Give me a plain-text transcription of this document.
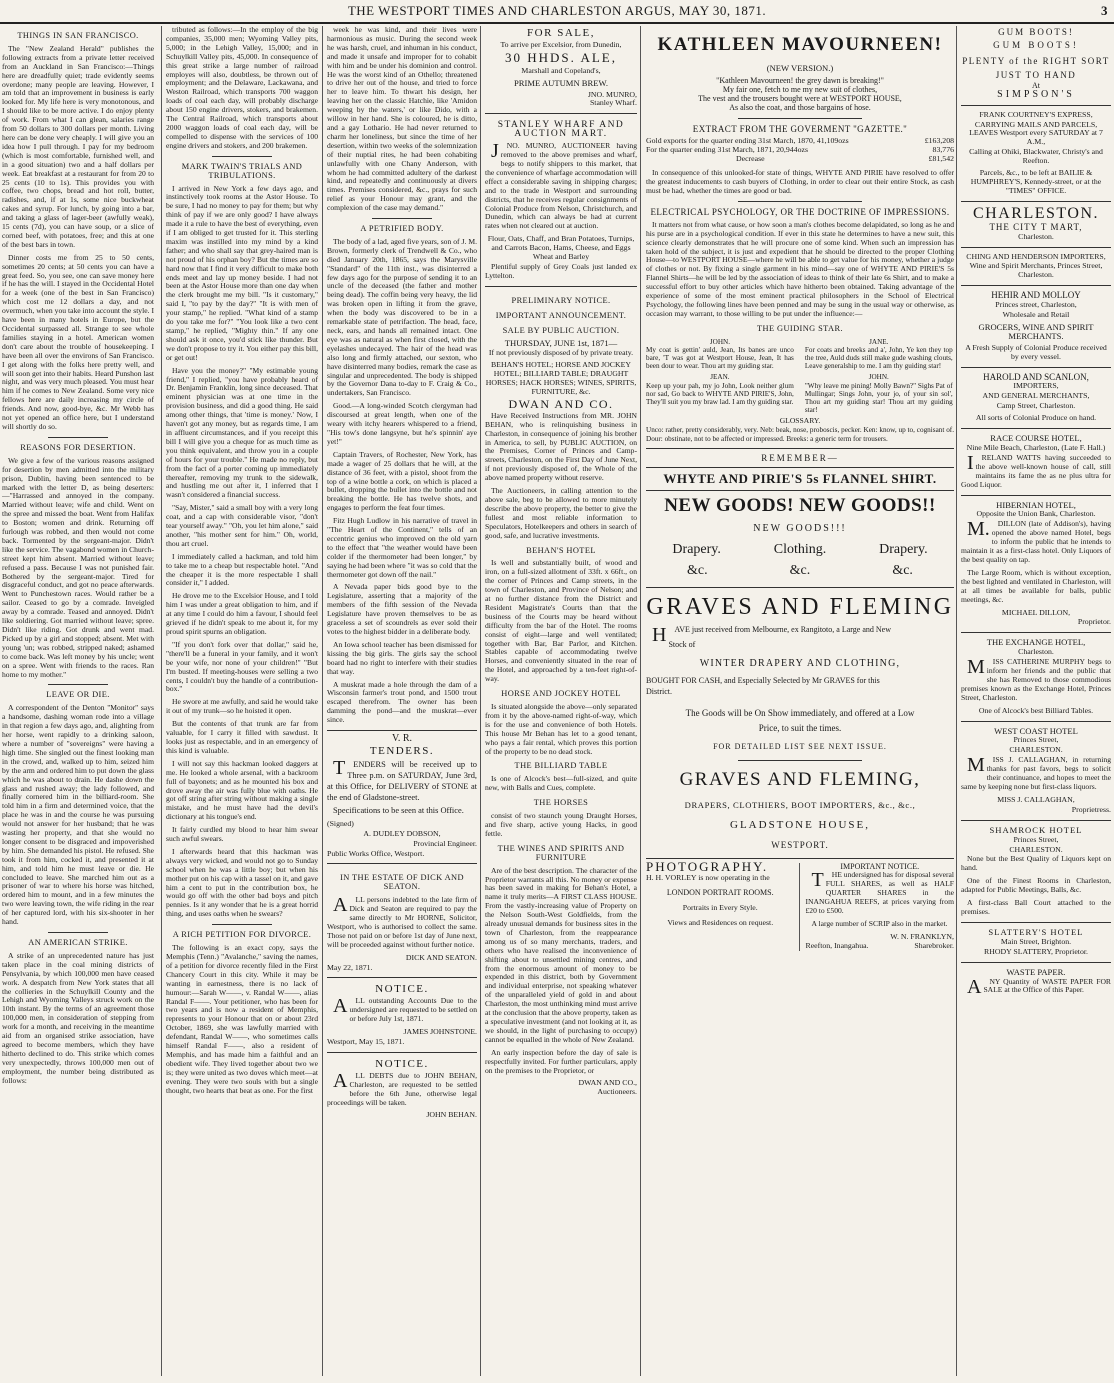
THE WESTPORT TIMES AND CHARLESTON ARGUS, MAY 30, 1871.	3
THINGS IN SAN FRANCISCO.

The "New Zealand Herald" publishes the following extracts from a private letter received from an Auckland in San Francisco:—Things here are dreadfully quiet; trade evidently seems overdone; many people are leaving. However, I am told that an improvement in business is early looked for. My life here is very monotonous, and I should like to be more active. I do enjoy plenty of work. From what I can glean, salaries range from 50 dollars to 300 dollars per month. Living here can be done very cheaply. I will give you an idea how I pull through. I pay for my bedroom (which is most comfortable, furnished well, and in a good situation) two and a half dollars per week. Eat breakfast at a restaurant for from 20 to 25 cents (10 to 1s). This provides you with coffee, two chops, bread and hot roll, butter, radishes, and, if at 1s, some nice buckwheat cakes and syrup. For lunch, by going into a bar, and taking a glass of lager-beer (awfully weak), 15 cents (7d), you can have soup, or a slice of corned beef, with potatoes, free; and this at one of the best bars in town.

Dinner costs me from 25 to 50 cents, sometimes 20 cents; at 50 cents you can have a great feed. So, you see, one can save money here if he has the will. I stayed in the Occidental Hotel for a week (one of the best in San Francisco) which cost me 12 dollars a day, and not overmuch, when you take into account the style. I have been in many hotels in Europe, but the Occidental surpassed all. Strange to see whole families staying in a hotel. American women don't care about the trouble of housekeeping. I have been all over the environs of San Francisco. I get along with the folks here pretty well, and will soon get into their habits. Heard Punshon last night, and was very much pleased. You must hear him if he comes to New Zealand. Some very nice fellows here are daily increasing my circle of friends. And now, good-bye, &c. Mr Webb has not yet opened an office here, but I understand will shortly do so.

REASONS FOR DESERTION.

We give a few of the various reasons assigned for desertion by men admitted into the military prison, Dublin, having been sentenced to be marked with the letter D, as being deserters:—"Harrassed and annoyed in the company. Married without leave; wife and child. Went on the spree and missed the boat. Went from Halifax to Boston; women and drink. Returning off furlough was robbed, and then would not come back. Tormented by the sergeant-major. Didn't like the service. The vagabond women in Church-street kept him absent. Married without leave; refused a pass. Because I was not punished fair. Bothered by the sergeant-major. Tired for disgraceful conduct, and got no peace afterwards. Went to Punchestown races. Would rather be a sailor. Ceased to go by a comrade. Inveigled away by a comrade. Teased and annoyed. Didn't like soldiering. Got married without leave; spree. Didn't like riding. Got drunk and went mad. Picked up by a girl and stopped; absent. Met with young 'un; was robbed, stripped naked; ashamed to come back. Was left money by his uncle; went on a spree. Went with friends to the races. Ran home to my mother."

LEAVE OR DIE.

A correspondent of the Denton "Monitor" says a handsome, dashing woman rode into a village in that region a few days ago, and, alighting from her horse, went rapidly to a drinking saloon, where a number of "sovereigns" were having a high time. She singled out the finest looking man in the crowd, and, walked up to him, seized him by the arm and ordered him to put down the glass which he was about to drain. He dashe down the glass and rushed away; the lady followed, and finally cornered him in the billiard-room. She told him in a firm and determined voice, that the place he was in and the course he was pursuing would not answer for her husband; that he was wasting her property, and that she would no longer consent to be disgraced and impoverished by him. She demanded his pistol. He refused. She took it from him, cocked it, and presented it at him, and told him he must leave or die. He concluded to leave. She marched him out as a prisoner of war to where his horse was hitched, ordered him to mount, and in a few minutes the two were leaving town, the wife riding in the rear of her captured lord, with his six-shooter in her hand.

AN AMERICAN STRIKE.

A strike of an unprecedented nature has just taken place in the coal mining districts of Pensylvania, by which 100,000 men have ceased work. A despatch from New York states that all the collieries in the Schuylkill County and the Lehigh and Wyoming Valleys struck work on the 10th instant. By the terms of an agreement those 100,000 men, in consideration of stepping from work for a month, and receiving in the meantime aid from an organised strike association, have agreed to become members, which they have hitherto declined to do. This strike which comes very unexpectedly, throws 100,000 men out of employment, the number being distributed as follows:

tributed as follows:—In the employ of the big companies, 35,000 men; Wyoming Valley pits, 5,000; in the Lehigh Valley, 15,000; and in Schuylkill Valley pits, 45,000. In consequence of this great strike a large number of railroad employes will also, doubtless, be thrown out of employment; and the Delaware, Lackawana, and Weston Railroad, which transports 700 waggon loads of coal each day, will probably discharge about 150 engine drivers, stokers, and brakemen. The Central Railroad, which transports about 2000 waggon loads of coal each day, will be compelled to dispense with the services of 100 engine drivers and stokers, and 200 brakemen.

MARK TWAIN'S TRIALS AND TRIBULATIONS.

I arrived in New York a few days ago, and instinctively took rooms at the Astor House. To be sure, I had no money to pay for them; but why think of pay if we are only good? I have always made it a rule to have the best of everything, even if I am obliged to get trusted for it. This sterling maxim was instilled into my mind by a kind father; and who shall say that grey-haired man is not proud of his orphan boy? But the times are so hard now that I find it very difficult to make both ends meet and lay up money beside. I had not been at the Astor House more than one day when the clerk brought me my bill. "Is it customary," said I, "to pay by the day?" "It is with men of your stamp," he replied. "What kind of a stamp do you take me for?" "You look like a two cent stamp," he replied, "Mighty thin." If any one should ask it once, you'd stick like thunder. But we don't propose to try it. You either pay this bill, or get out!

Have you the money?" "My estimable young friend," I replied, "you have probably heard of Dr. Benjamin Franklin, long since deceased. That eminent physician was at one time in the provision business, and did a good thing. He said among other things, that 'time is money.' Now, I haven't got any money, but as regards time, I am in affluent circumstances, and if you receipt this bill I will give you a cheque for as much time as you think equivalent, and throw you in a couple of hours for your trouble." He made no reply, but from the fact of a porter coming up immediately thereafter, removing my trunk to the sidewalk, and hustling me out after it, I inferred that I wasn't considered a financial success.

"Say, Mister," said a small boy with a very long coat, and a cap with considerable visor, "don't tear yourself away." "Oh, you let him alone," said another, "his mother sent for him." Oh, world, thou art cruel.

I immediately called a hackman, and told him to take me to a cheap but respectable hotel. "And the cheaper it is the more respectable I shall consider it," I added.

He drove me to the Excelsior House, and I told him I was under a great obligation to him, and if at any time I could do him a favour, I should feel grieved if he didn't speak to me about it, for my proud spirit spurns an obligation.

"If you don't fork over that dollar," said he, "there'll be a funeral in your family, and it won't be your wife, nor none of your children!" "But I'm busted. If meeting-houses were selling a two cents, I couldn't buy the handle of a contribution-box."

He swore at me awfully, and said he would take it out of my trunk—so he hoisted it open.

But the contents of that trunk are far from valuable, for I carry it filled with sawdust. It looks just as respectable, and in an emergency of this kind is valuable.

I will not say this hackman looked daggers at me. He looked a whole arsenal, with a backroom full of bayonets; and as he mounted his box and drove away the air was fully blue with oaths. He got off string after string without making a single mistake, and he must have had the devil's dictionary at his tongue's end.

It fairly curdled my blood to hear him swear such awful swears.

I afterwards heard that this hackman was always very wicked, and would not go to Sunday school when he was a little boy; but when his mother put on his cap with a tassel on it, and gave him a cent to put in the contribution box, he would go off with the other bad boys and pitch pennies. Is it any wonder that he is a great horrid thing, and uses oaths when he swears?

A RICH PETITION FOR DIVORCE.

The following is an exact copy, says the Memphis (Tenn.) "Avalanche," saving the names, of a petition for divorce recently filed in the First Chancery Court in this city. While it may be wanting in earnestness, there is no lack of humour:—Sarah W——, v. Randal W——, alias Randal F——. Your petitioner, who has been for two years and is now a resident of Memphis, represents to your Honour that on or about 23rd October, 1869, she was lawfully married with defendant, Randal W——, who sometimes calls himself Randal F——, also a resident of Memphis, and has made him a faithful and an obedient wife. They lived together about two we is; they were united as two doves which meet—at evening. They were two souls with but a single thought, two hearts that beat as one. For the first

week he was kind, and their lives were harmonious as music. During the second week he was harsh, cruel, and inhuman in his conduct, and made it unsafe and improper for to cohabit with him and be under his dominion and control. He was the worst kind of an Othello; threatened to drive her out of the house, and tried to force her to leave him. To thwart his design, her leaving her on the classic Hatchie, like 'Amidon weeping by the waters,' or like Dido, with a willow in her hand. She is coloured, he is ditto, and a gay Lothario. He had never returned to charm her loneliness, but since the time of her desertion, within two weeks of the solemnization of their nuptial rites, he had been cohabiting unlawfully with one Chany Anderson, with whom he had committed adultery of the darkest kind, and repeatedly and continuously at divers times. Premises considered, &c., prays for such relief as your Honour may grant, and the complexion of the case may demand."

A PETRIFIED BODY.

The body of a lad, aged five years, son of J. M. Brown, formerly clerk of Trendwell & Co., who died January 20th, 1865, says the Marysville "Standard" of the 11th inst., was disinterred a few days ago for the purpose of sending it to an uncle of the deceased (the father and mother being dead). The coffin being very heavy, the lid was broken open in lifting it from the grave, when the body was discovered to be in a remarkable state of petrifaction. The head, face, neck, ears, and hands all remained intact. One eye was as natural as when first closed, with the eyelashes undecayed. The hair of the head was also long and firmly attached, our sexton, who have disinterred many bodies, remark the case as singular and unprecedented. The body is shipped by the Governor Dana to-day to F. Craig & Co., undertakers, San Francisco.

Good.—A long-winded Scotch clergyman had discoursed at great length, when one of the weary with itchy hearers whispered to a friend, "His tow's done langsyne, but he's spinnin' aye yet!"

Captain Travers, of Rochester, New York, has made a wager of 25 dollars that he will, at the distance of 36 feet, with a pistol, shoot from the top of a wine bottle a cork, on which is placed a bullet, dropping the bullet into the bottle and not breaking the bottle. He has twelve shots, and engages to perform the feat four times.

Fitz Hugh Ludlow in his narrative of travel in "The Heart of the Continent," tells of an eccentric genius who improved on the old yarn to the effect that "the weather would have been colder if the thermometer had been longer," by saying he had been where "it was so cold that the thermometer got down off the nail."

A Nevada paper bids good bye to the Legislature, asserting that a majority of the members of the fifth session of the Nevada Legislature have proven themselves to be as graceless a set of scoundrels as ever sold their votes to the highest bidder in a deliberate body.

An Iowa school teacher has been dismissed for kissing the big girls. The girls say the school board had no right to interfere with their studies that way.

A muskrat made a hole through the dam of a Wisconsin farmer's trout pond, and 1500 trout escaped therefrom. The owner has been damming the pond—and the muskrat—ever since.

V. R.
TENDERS.

TENDERS will be received up to Three p.m. on SATURDAY, June 3rd, at this Office, for DELIVERY of STONE at the end of Gladstone-street.

Specifications to be seen at this Office.

(Signed)
A. DUDLEY DOBSON,
Provincial Engineer.
Public Works Office, Westport.
IN THE ESTATE OF DICK AND SEATON.

ALL persons indebted to the late firm of Dick and Seaton are required to pay the same directly to Mr HORNE, Solicitor, Westport, who is authorised to collect the same. Those not paid on or before 1st day of June next, will be proceeded against without further notice.

DICK AND SEATON.
May 22, 1871.
NOTICE.

ALL outstanding Accounts Due to the undersigned are requested to be settled on or before July 1st, 1871.

JAMES JOHNSTONE.
Westport, May 15, 1871.
NOTICE.

ALL DEBTS due to JOHN BEHAN, Charleston, are requested to be settled before the 6th June, otherwise legal proceedings will be taken.

JOHN BEHAN.
FOR SALE,
To arrive per Excelsior, from Dunedin,
30 HHDS. ALE,
Marshall and Copeland's,
PRIME AUTUMN BREW.
JNO. MUNRO,
Stanley Wharf.
STANLEY WHARF AND AUCTION MART.

JNO. MUNRO, AUCTIONEER having removed to the above premises and wharf, begs to notify shippers to this market, that the convenience of wharfage accommodation will effect a considerable saving in shipping charges; and to the trade in Westport and surrounding districts, that he receives regular consignments of Colonial Produce from Nelson, Christchurch, and Dunedin, which can always be had at current rates when not cleared out at auction.

Flour, Oats, Chaff, and Bran Potatoes, Turnips, and Carrots Bacon, Hams, Cheese, and Eggs Wheat and Barley

Plentiful supply of Grey Coals just landed ex Lyttelton.

PRELIMINARY NOTICE.
IMPORTANT ANNOUNCEMENT.
SALE BY PUBLIC AUCTION.
THURSDAY, JUNE 1st, 1871—
If not previously disposed of by private treaty.
BEHAN'S HOTEL; HORSE AND JOCKEY HOTEL; BILLIARD TABLE; DRAUGHT HORSES; HACK HORSES; WINES, SPIRITS, FURNITURE, &c.
DWAN AND CO.

Have Received Instructions from MR. JOHN BEHAN, who is relinquishing business in Charleston, in consequence of joining his brother in America, to sell, by PUBLIC AUCTION, on the Premises, Corner of Princes and Camp-streets, Charleston, on the First Day of June Next, if not previously disposed of, the Whole of the above named property without reserve.

The Auctioneers, in calling attention to the above sale, beg to be allowed to more minutely describe the above property, the better to give the fullest and most reliable information to Speculators, Hotelkeepers and others in search of good, safe, and lucrative investments.

BEHAN'S HOTEL

Is well and substantially built, of wood and iron, on a full-sized allotment of 33ft. x 66ft., on the corner of Princes and Camp streets, in the town of Charleston, and Province of Nelson; and at no further distance from the District and Resident Magistrate's Courts than that the business of the Courts may be heard without difficulty from the bar of the Hotel. The rooms consist of eight—large and well ventilated; together with Bar, Bar Parlor, and Kitchen. Stables capable of accommodating twelve Horses, and conveniently situated in the rear of the Hotel, and approached by a ten-feet right-of-way.

HORSE AND JOCKEY HOTEL

Is situated alongside the above—only separated from it by the above-named right-of-way, which is for the use and convenience of both Hotels. This house Mr Behan has let to a good tenant, who pays a fair rental, which proves this portion of the property to be no dead stock.

THE BILLIARD TABLE

Is one of Alcock's best—full-sized, and quite new, with Balls and Cues, complete.

THE HORSES

consist of two staunch young Draught Horses, and five sharp, active young Hacks, in good fettle.

THE WINES AND SPIRITS AND FURNITURE

Are of the best description. The character of the Proprietor warrants all this. No money or expense has been saved in making for Behan's Hotel, a name it truly merits—A FIRST CLASS HOUSE. From the vastly-increasing value of Property on the Nelson South-West Goldfields, from the already unusual demands for business sites in the town of Charleston, from the reappearance among us of so many merchants, traders, and others who have realised the inconvenience of shifting about to unsettled mining centres, and from the enormous amount of money to be expended in this district, both by Government and individual enterprise, not speaking whatever of the unparalleled yield of gold in and about Charleston, the most unthinking mind must arrive at the conclusion that the above property, taken as a speculative investment (and not looking at it, as we should, in the light of purchasing to occupy) cannot be equalled in the whole of New Zealand.

An early inspection before the day of sale is respectfully invited. For further particulars, apply on the premises to the Proprietor, or

DWAN AND CO.,
Auctioneers.
KATHLEEN MAVOURNEEN!
(NEW VERSION.)
"Kathleen Mavourneen! the grey dawn is breaking!"
My fair one, fetch to me my new suit of clothes,
The vest and the trousers bought were at WESTPORT HOUSE,
As also the coat, and those bargains of hose.
EXTRACT FROM THE GOVERMENT "GAZETTE."
Gold exports for the quarter ending 31st March, 1870, 41,109ozs	£163,208
For the quarter ending 31st March, 1871, 20,944ozs	83,776
Decrease	£81,542

In consequence of this unlooked-for state of things, WHYTE AND PIRIE have resolved to offer the greatest inducements to cash buyers of Clothing, in order to clear out their entire Stock, as cash must be had, whether the times are good or bad.

ELECTRICAL PSYCHOLOGY, OR THE DOCTRINE OF IMPRESSIONS.

It matters not from what cause, or how soon a man's clothes become delapidated, so long as he and his purse are in a psychological condition. If ever in this state he determines to have a new suit, this science clearly demonstrates that he will procure one of some kind. When such an impression has taken hold of the subject, it is just and expedient that he should be directed to the proper Clothing House—to WESTPORT HOUSE—where he will be able to get value for his money, whether a judge of clothes or not. By fixing a single garment in his mind—say one of WHYTE AND PIRIE'S 5s Flannel Shirts—he will be led by the association of ideas to think of their late 6s Shirt, and to make a successful effort to buy other articles which have hitherto been obtained. Taking advantage of the experience of some of the most eminent practical philosophers in the School of Electrical Psychology, the following lines have been penned and may be sung in the usual way or otherwise, as occasion may warrant, to those willing to be put under the influence:—

THE GUIDING STAR.
JOHN.
My coat is gettin' auld, Jean, Its banes are unco bare, 'T was got at Westport House, Jean, It has been dour to wear. Thou art my guiding star.
JEAN.
Keep up your pah, my jo John, Look neither glum nor sad, Go back to WHYTE AND PIRIE'S, John, They'll suit you my braw lad. I am thy guiding star.

JANE.
For coats and breeks and a', John, Ye ken they top the tree, Auld duds still make gude washing clouts, Leave generalship to me. I am thy guiding star!
JOHN.
"Why leave me pining! Molly Bawn?" Sighs Pat of Mullingar; Sings John, your jo, of your sin sol', Thou art my guiding star! Thou art my guiding star!
GLOSSARY.
Unco: rather, pretty considerably, very. Neb: beak, nose, proboscis, pecker. Ken: know, up to, cognisant of. Dour: obstinate, not to be affected or impressed. Breeks: a generic term for trousers.
REMEMBER—
WHYTE AND PIRIE'S 5s FLANNEL SHIRT.
NEW GOODS! NEW GOODS!!
NEW GOODS!!!
Drapery.	Clothing.	Drapery.
&c.	&c.	&c.
GRAVES AND FLEMING

HAVE just received from Melbourne, ex Rangitoto, a Large and New

Stock of
WINTER DRAPERY AND CLOTHING,
BOUGHT FOR CASH, and Especially Selected by Mr GRAVES for this
District.
The Goods will be On Show immediately, and offered at a Low
Price, to suit the times.
FOR DETAILED LIST SEE NEXT ISSUE.
GRAVES AND FLEMING,
DRAPERS, CLOTHIERS, BOOT IMPORTERS, &c., &c.,
GLADSTONE HOUSE,
WESTPORT.
PHOTOGRAPHY.
H. H. VORLEY is now operating in the
LONDON PORTRAIT ROOMS.
Portraits in Every Style.
Views and Residences on request.
IMPORTANT NOTICE.

THE undersigned has for disposal several FULL SHARES, as well as HALF QUARTER SHARES in the INANGAHUA REEFS, at prices varying from £20 to £500.

A large number of SCRIP also in the market.

W. N. FRANKLYN,
Reefton, Inangahua.	Sharebroker.
GUM BOOTS!
GUM BOOTS!
PLENTY of the RIGHT SORT JUST TO HAND
At
SIMPSON'S
FRANK COURTNEY'S EXPRESS,
CARRYING MAILS AND PARCELS, LEAVES Westport every SATURDAY at 7 A.M.,
Calling at Ohiki, Blackwater, Christy's and Reefton.
Parcels, &c., to be left at BAILIE & HUMPHREY'S, Kennedy-street, or at the "TIMES" OFFICE.
CHARLESTON.
THE CITY T MART,
Charleston.
CHING AND HENDERSON IMPORTERS,
Wine and Spirit Merchants, Princes Street, Charleston.
HEHIR AND MOLLOY
Princes street, Charleston,
Wholesale and Retail
GROCERS, WINE AND SPIRIT MERCHANTS.
A Fresh Supply of Colonial Produce received by every vessel.
HAROLD AND SCANLON,
IMPORTERS,
AND GENERAL MERCHANTS,
Camp Street, Charleston.
All sorts of Colonial Produce on hand.
RACE COURSE HOTEL,
Nine Mile Beach, Charleston, (Late F. Hall.)

IRELAND WATTS having succeeded to the above well-known house of call, still maintains its fame the as ne plus ultra for Good Liquor.

HIBERNIAN HOTEL,
Opposite the Union Bank, Charleston.

M.DILLON (late of Addison's), having opened the above named Hotel, begs to inform the public that he intends to maintain it as a first-class hotel. Only Liquors of the best quality on tap.

The Large Room, which is without exception, the best lighted and ventilated in Charleston, will at all times be available for balls, public meetings, &c.

MICHAEL DILLON,
Proprietor.
THE EXCHANGE HOTEL,
Charleston.

MISS CATHERINE MURPHY begs to inform her friends and the public that she has Removed to those commodious premises known as the Exchange Hotel, Princes Street, Charleston.

One of Alcock's best Billiard Tables.
WEST COAST HOTEL
Princes Street,
CHARLESTON.

MISS J. CALLAGHAN, in returning thanks for past favors, begs to solicit their continuance, and hopes to meet the same by keeping none but first-class liquors.

MISS J. CALLAGHAN,
Proprietress.
SHAMROCK HOTEL
Princes Street,
CHARLESTON.

None but the Best Quality of Liquors kept on hand.

One of the Finest Rooms in Charleston, adapted for Public Meetings, Balls, &c.

A first-class Ball Court attached to the premises.

SLATTERY'S HOTEL
Main Street, Brighton.
RHODY SLATTERY, Proprietor.
WASTE PAPER.

ANY Quantity of WASTE PAPER FOR SALE at the Office of this Paper.
